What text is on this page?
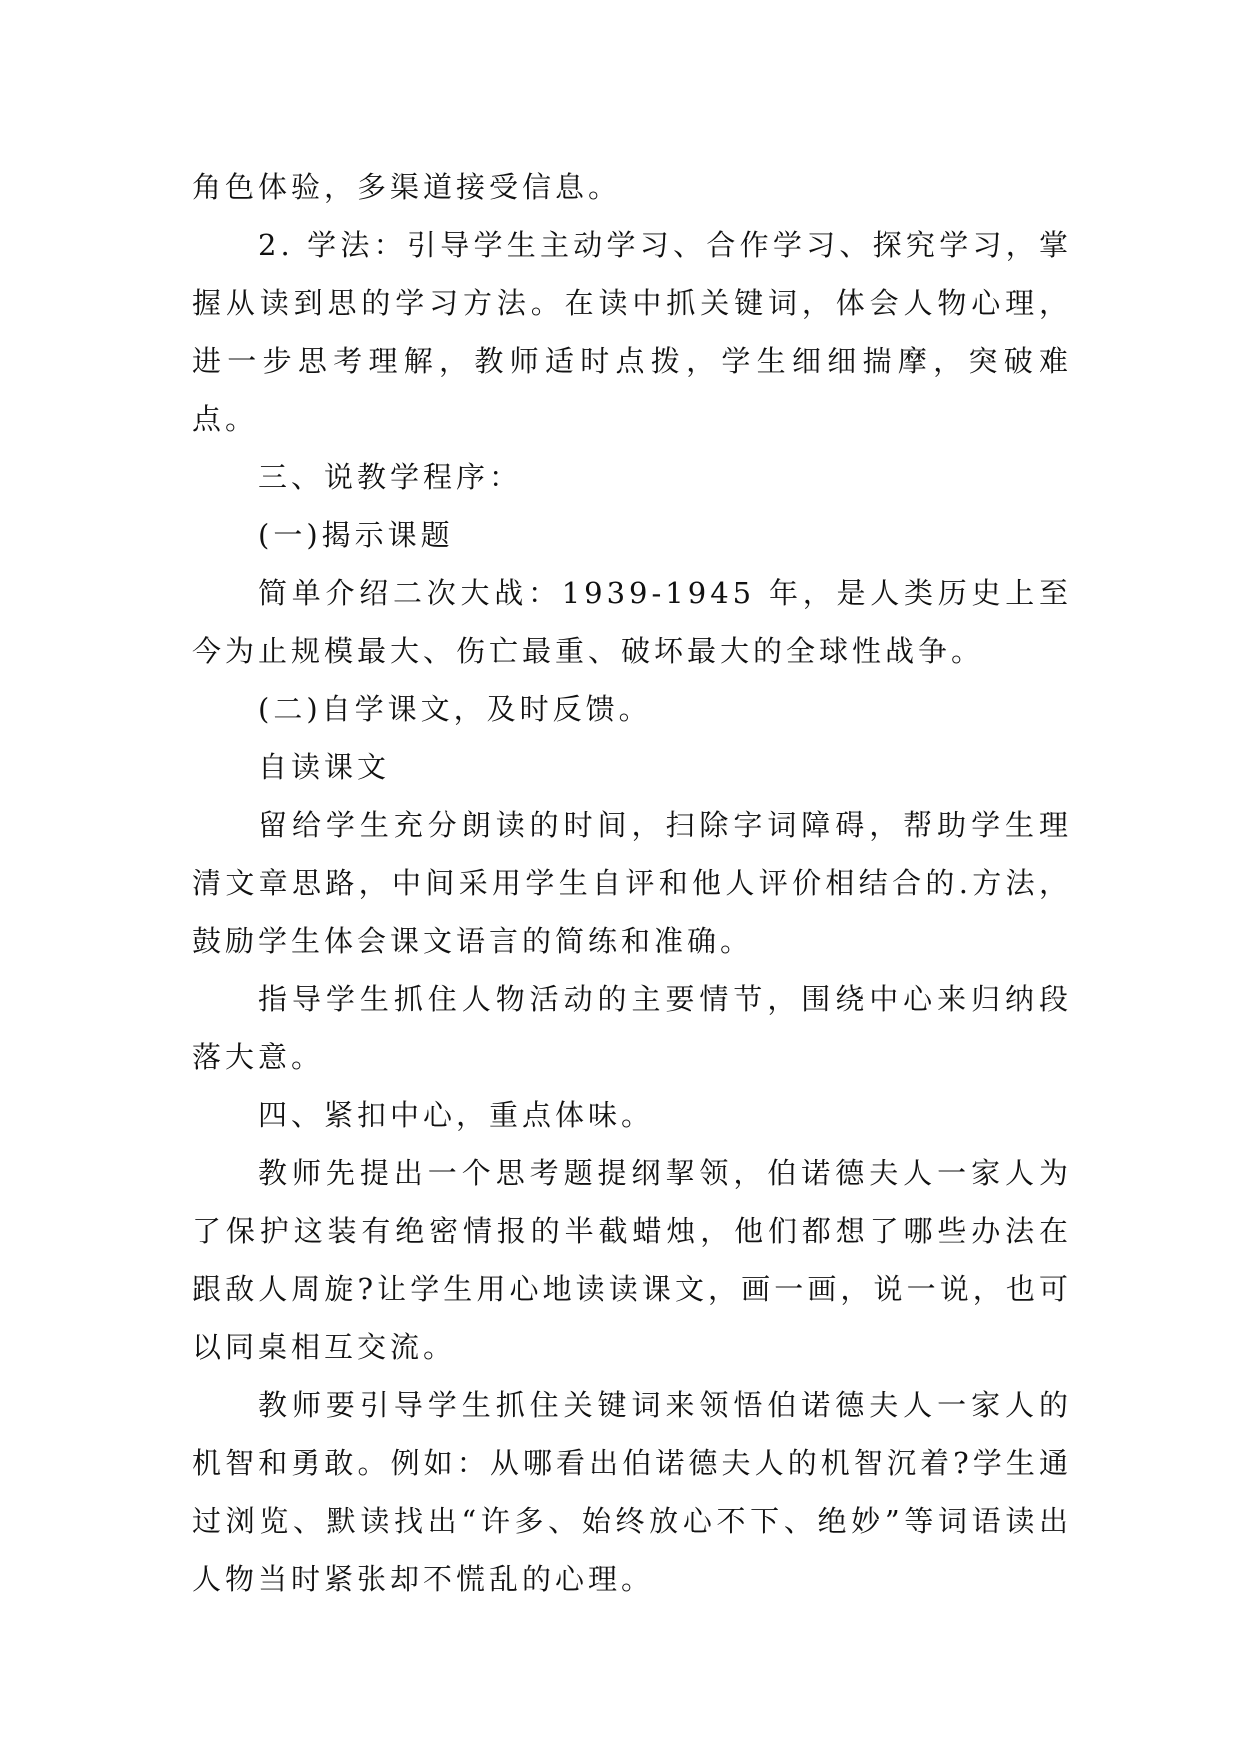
角色体验，多渠道接受信息。

2. 学法：引导学生主动学习、合作学习、探究学习，掌握从读到思的学习方法。在读中抓关键词，体会人物心理，进一步思考理解，教师适时点拨，学生细细揣摩，突破难点。

三、说教学程序：

(一)揭示课题

简单介绍二次大战：1939-1945 年，是人类历史上至今为止规模最大、伤亡最重、破坏最大的全球性战争。

(二)自学课文，及时反馈。

自读课文

留给学生充分朗读的时间，扫除字词障碍，帮助学生理清文章思路，中间采用学生自评和他人评价相结合的.方法，鼓励学生体会课文语言的简练和准确。

指导学生抓住人物活动的主要情节，围绕中心来归纳段落大意。

四、紧扣中心，重点体味。

教师先提出一个思考题提纲挈领，伯诺德夫人一家人为了保护这装有绝密情报的半截蜡烛，他们都想了哪些办法在跟敌人周旋?让学生用心地读读课文，画一画，说一说，也可以同桌相互交流。

教师要引导学生抓住关键词来领悟伯诺德夫人一家人的机智和勇敢。例如：从哪看出伯诺德夫人的机智沉着?学生通过浏览、默读找出“许多、始终放心不下、绝妙”等词语读出人物当时紧张却不慌乱的心理。
